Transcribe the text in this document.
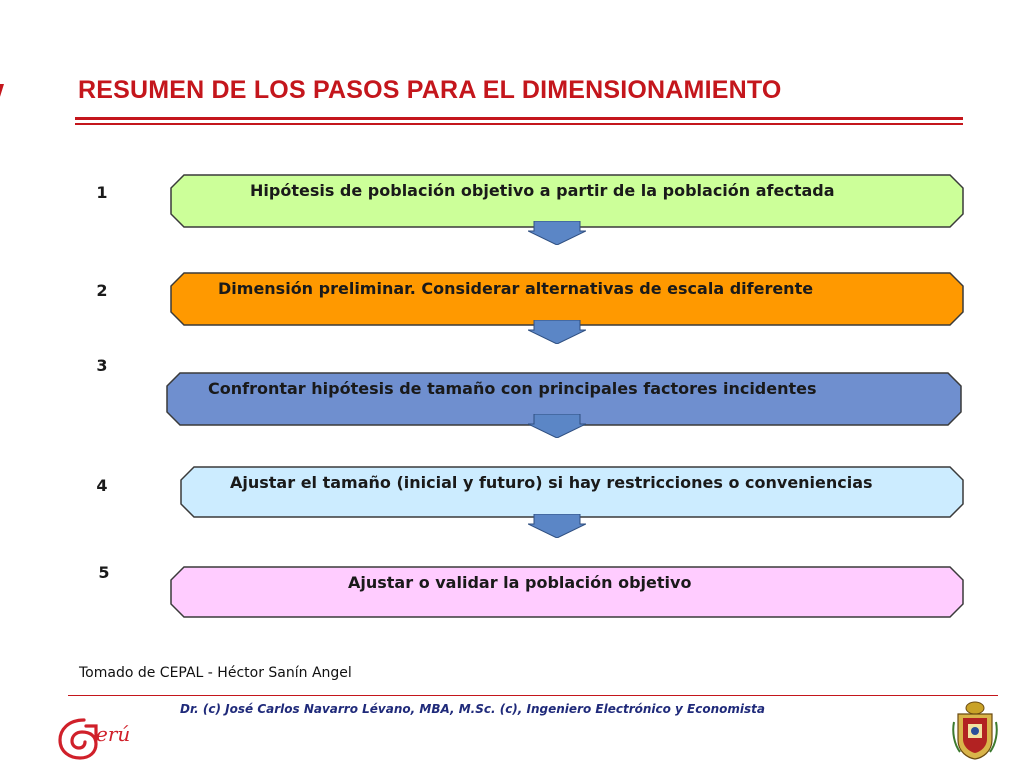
RESUMEN DE LOS PASOS PARA EL DIMENSIONAMIENTO
1
2
3
4
5
Hipótesis de población objetivo a partir de la población afectada
Dimensión preliminar. Considerar alternativas de escala diferente
Confrontar hipótesis de tamaño con principales factores incidentes
Ajustar el tamaño (inicial y futuro) si hay restricciones o conveniencias
Ajustar o validar la población objetivo
Tomado de CEPAL - Héctor Sanín Angel
Dr. (c) José Carlos Navarro Lévano, MBA, M.Sc. (c), Ingeniero Electrónico y Economista
erú
